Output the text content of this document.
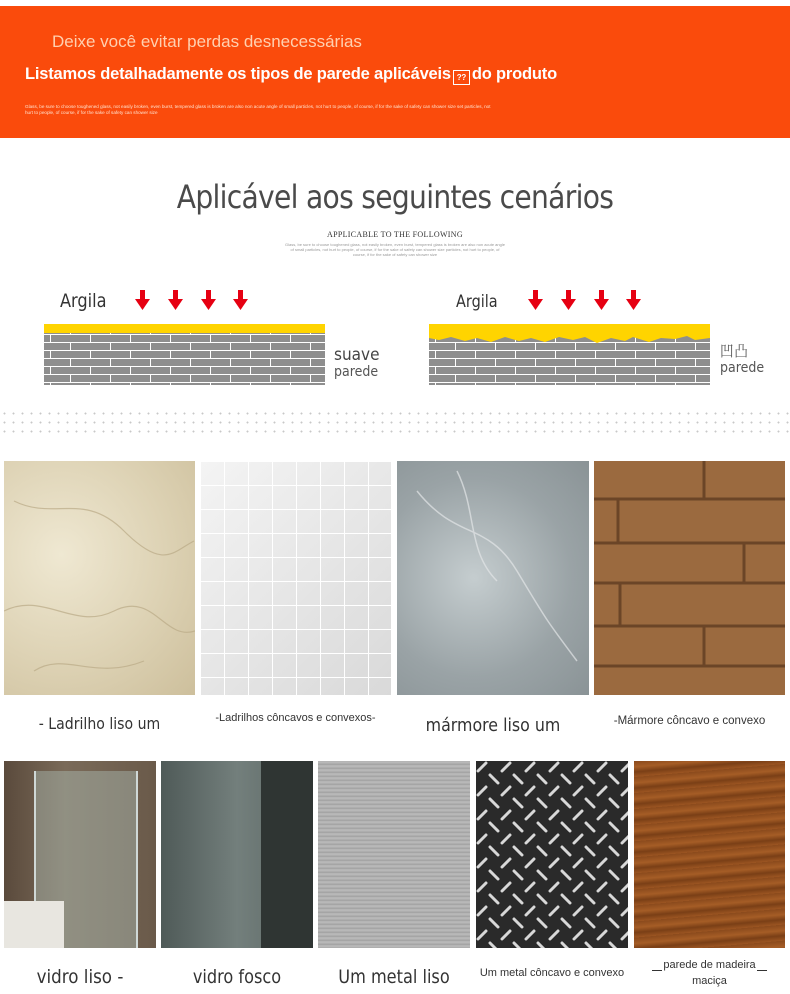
Deixe você evitar perdas desnecessárias
Listamos detalhadamente os tipos de parede aplicáveis ?? do produto
Glass, be sure to choose toughened glass, not easily broken, even burst, tempered glass is broken are also non acute angle of small particles, not hurt to people, of course, if for the sake of safety can shower size set particles, not hurt to people, of course, if for the sake of safety can shower size
Aplicável aos seguintes cenários
APPLICABLE TO THE FOLLOWING
Glass, be sure to choose toughened glass, not easily broken, even burst, tempered glass is broken are also non acute angle of small particles, not hurt to people, of course, if for the sake of safety can shower size particles, not hurt to people, of course, if for the sake of safety can shower size
Argila
suave
parede
Argila
凹凸
parede
- Ladrilho liso um	-Ladrilhos côncavos e convexos-	mármore liso um	-Mármore côncavo e convexo
vidro liso -	vidro fosco	Um metal liso	Um metal côncavo e convexo
parede de madeira
maciça
